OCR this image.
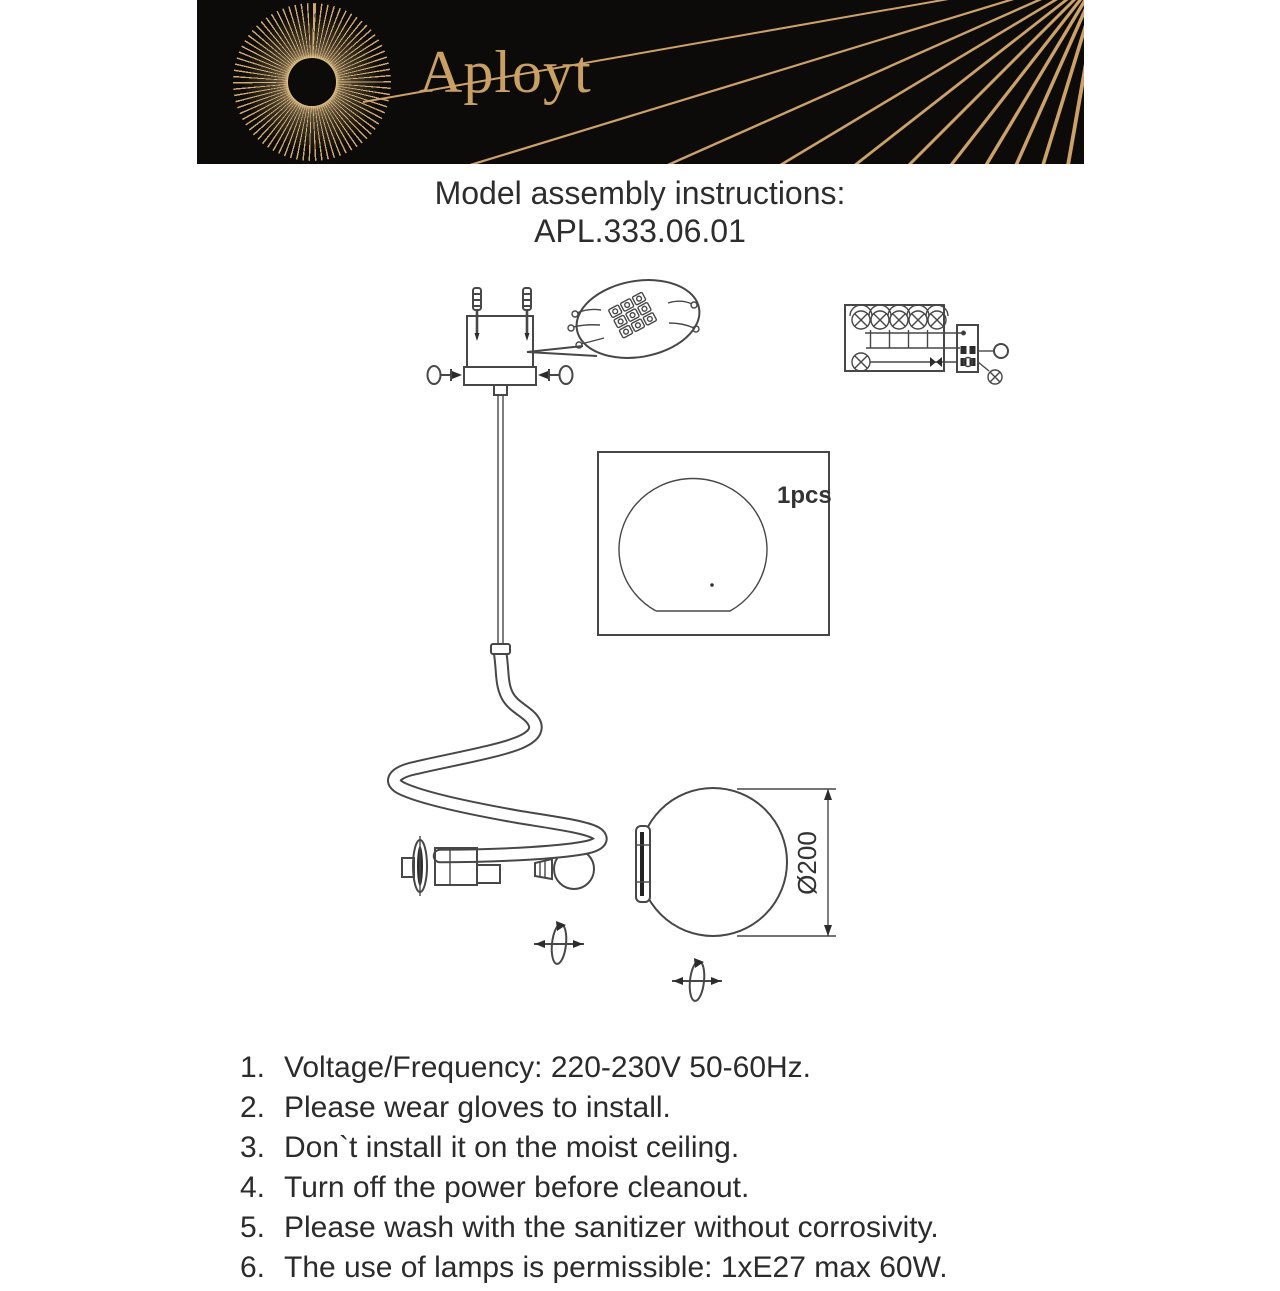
Aployt
Model assembly instructions:
APL.333.06.01
1pcs
Ø200
1. Voltage/Frequency: 220-230V 50-60Hz.
2. Please wear gloves to install.
3. Don`t install it on the moist ceiling.
4. Turn off the power before cleanout.
5. Please wash with the sanitizer without corrosivity.
6. The use of lamps is permissible: 1xE27 max 60W.
